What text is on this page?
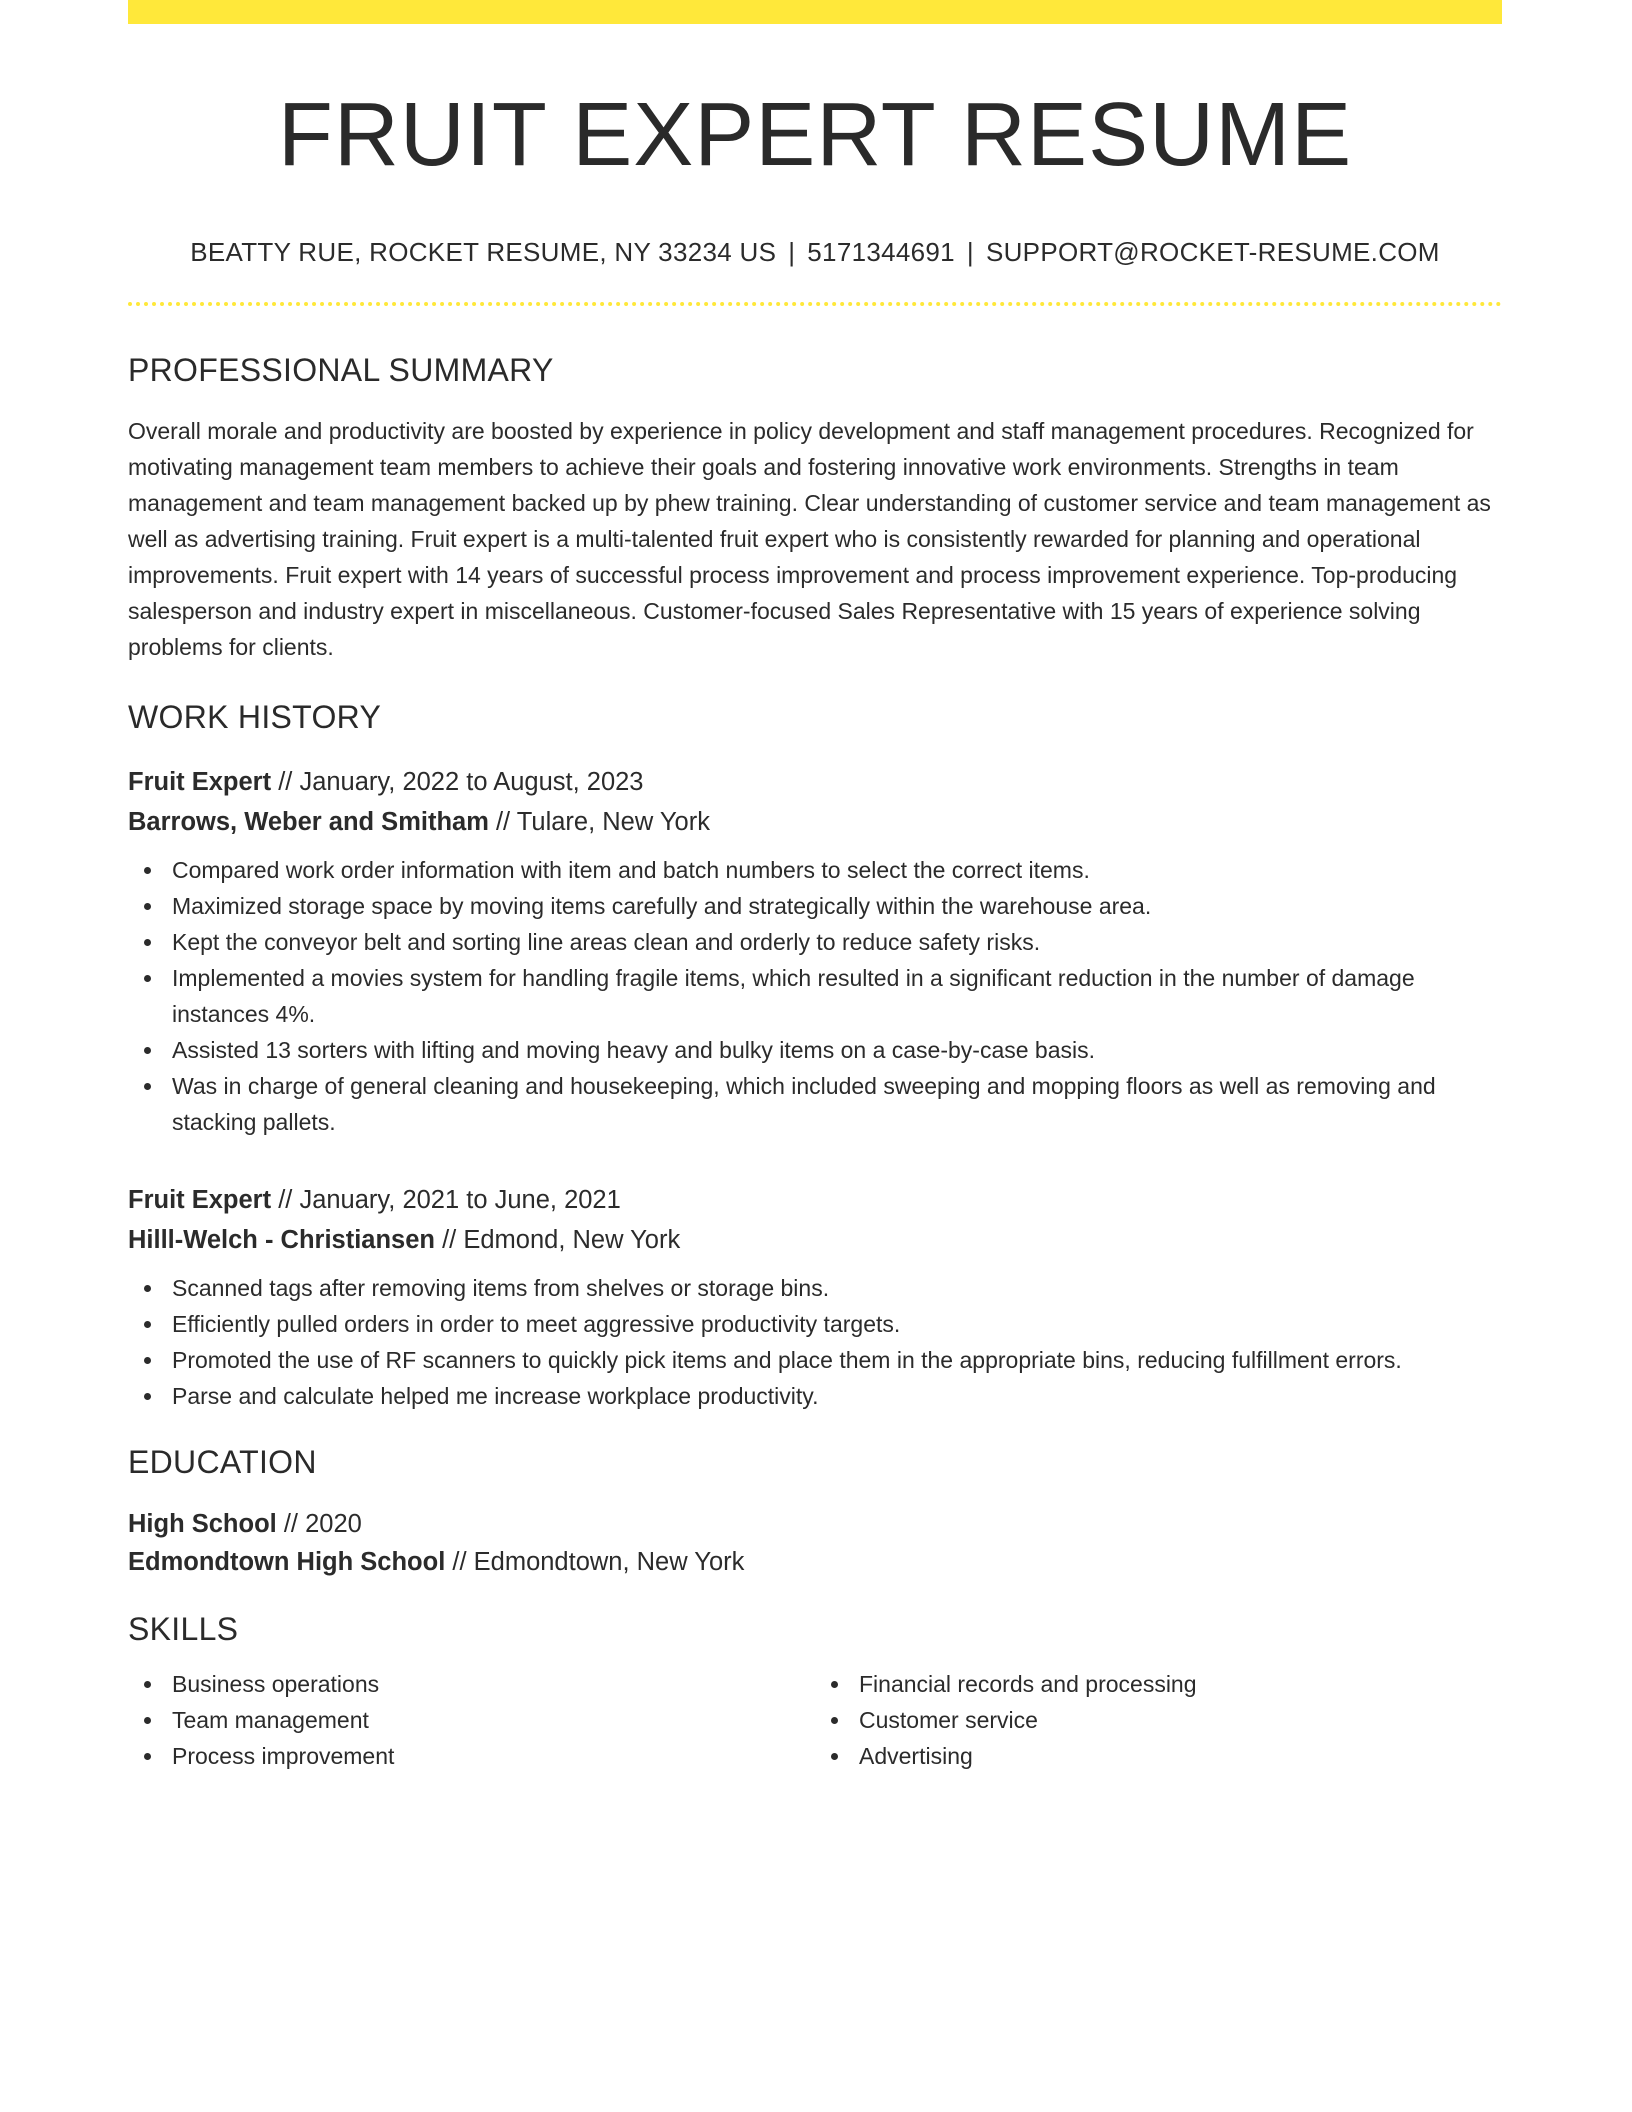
FRUIT EXPERT RESUME
BEATTY RUE, ROCKET RESUME, NY 33234 US | 5171344691 | SUPPORT@ROCKET-RESUME.COM
PROFESSIONAL SUMMARY

Overall morale and productivity are boosted by experience in policy development and staff management procedures. Recognized for motivating management team members to achieve their goals and fostering innovative work environments. Strengths in team management and team management backed up by phew training. Clear understanding of customer service and team management as well as advertising training. Fruit expert is a multi-talented fruit expert who is consistently rewarded for planning and operational improvements. Fruit expert with 14 years of successful process improvement and process improvement experience. Top-producing salesperson and industry expert in miscellaneous. Customer-focused Sales Representative with 15 years of experience solving problems for clients.

WORK HISTORY
Fruit Expert // January, 2022 to August, 2023
Barrows, Weber and Smitham // Tulare, New York
Compared work order information with item and batch numbers to select the correct items.
Maximized storage space by moving items carefully and strategically within the warehouse area.
Kept the conveyor belt and sorting line areas clean and orderly to reduce safety risks.
Implemented a movies system for handling fragile items, which resulted in a significant reduction in the number of damage instances 4%.
Assisted 13 sorters with lifting and moving heavy and bulky items on a case-by-case basis.
Was in charge of general cleaning and housekeeping, which included sweeping and mopping floors as well as removing and stacking pallets.
Fruit Expert // January, 2021 to June, 2021
Hilll-Welch - Christiansen // Edmond, New York
Scanned tags after removing items from shelves or storage bins.
Efficiently pulled orders in order to meet aggressive productivity targets.
Promoted the use of RF scanners to quickly pick items and place them in the appropriate bins, reducing fulfillment errors.
Parse and calculate helped me increase workplace productivity.
EDUCATION
High School // 2020
Edmondtown High School // Edmondtown, New York
SKILLS
Business operations
Team management
Process improvement
Financial records and processing
Customer service
Advertising
